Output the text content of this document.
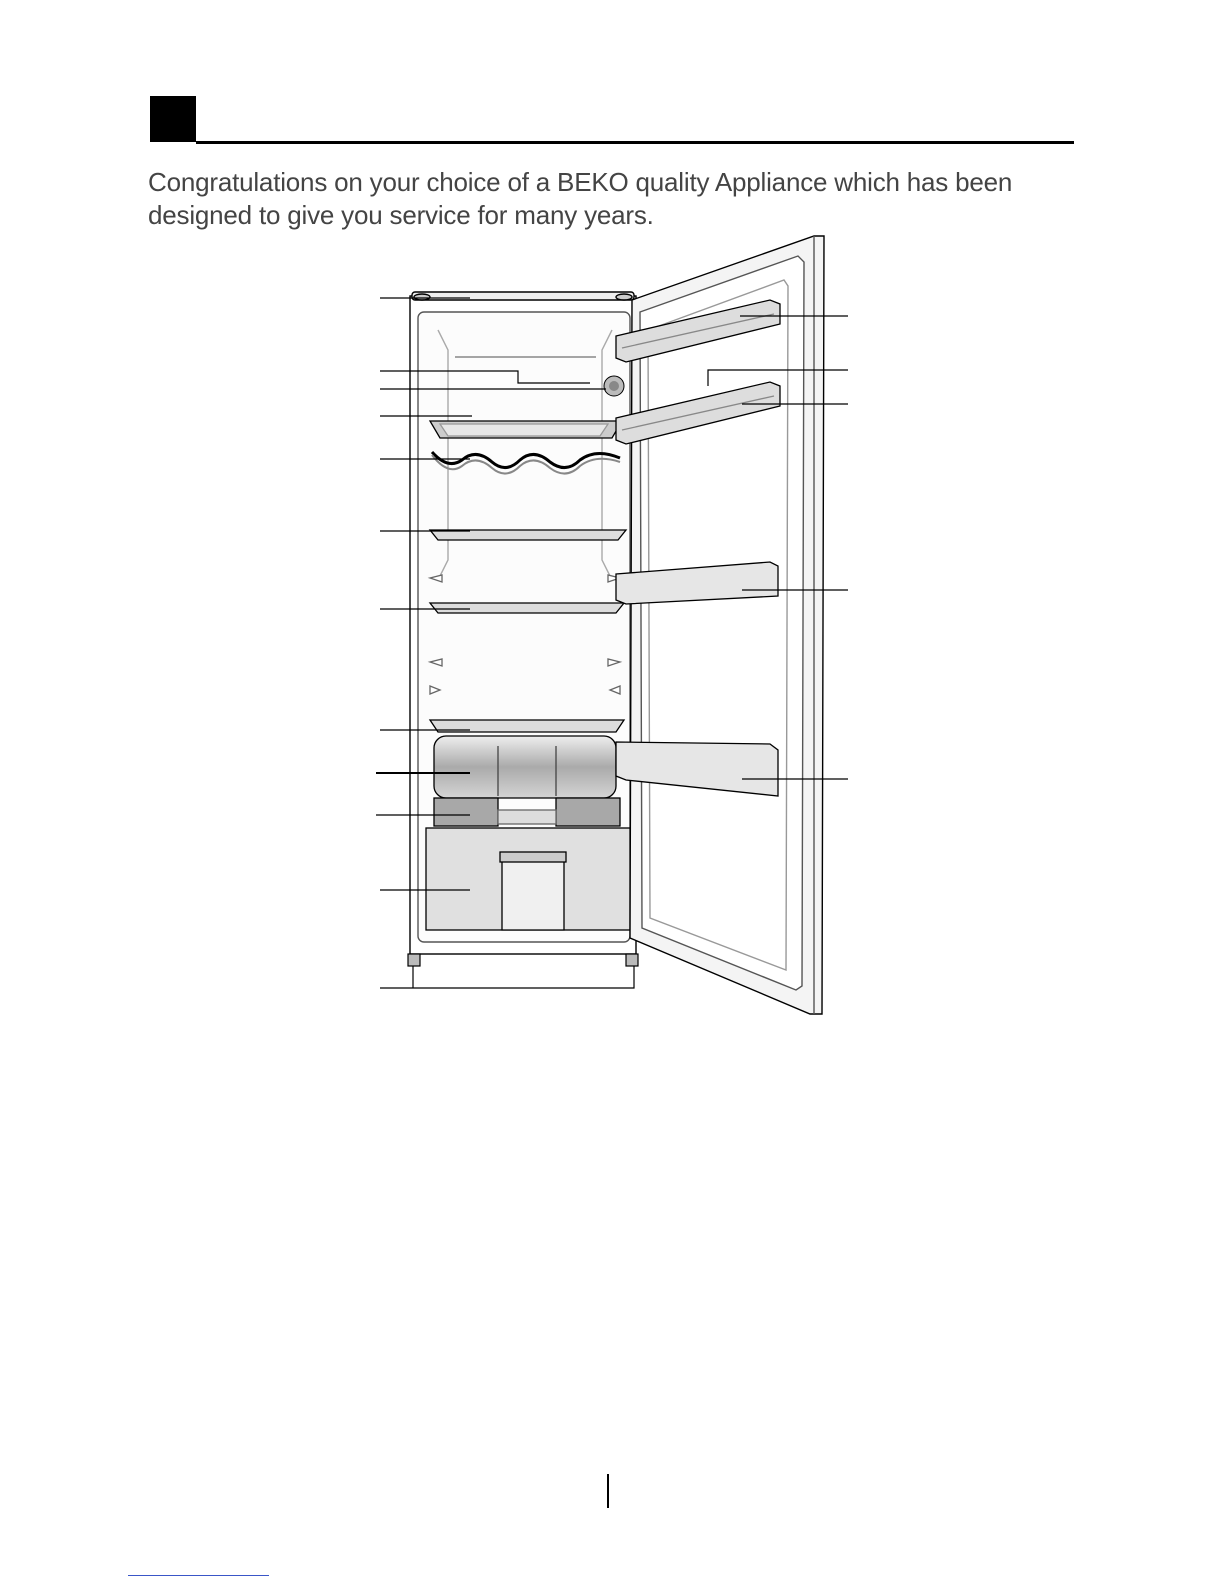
Congratulations on your choice of a BEKO quality Appliance which has been designed to give you service for many years.
